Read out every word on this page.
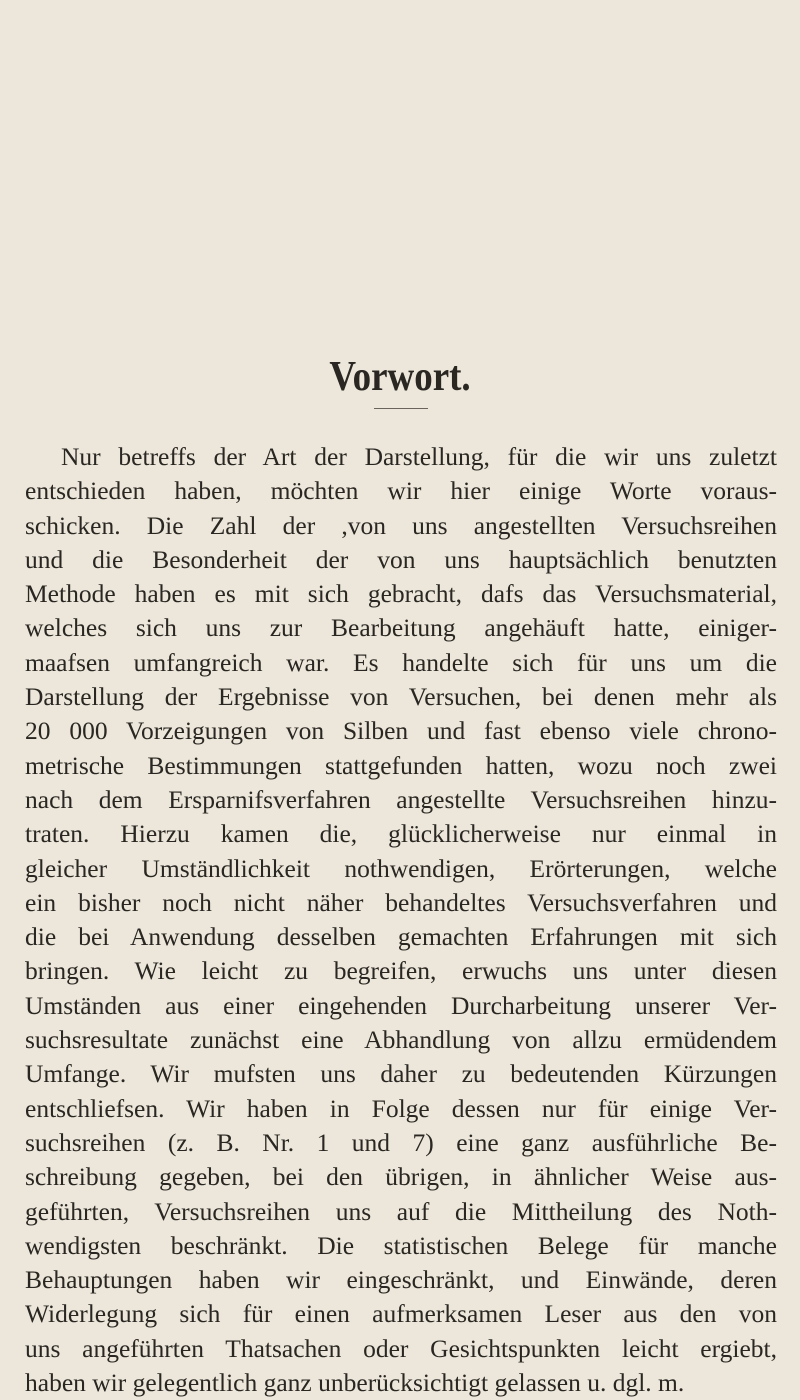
Vorwort.
Nur betreffs der Art der Darstellung, für die wir uns zuletzt
entschieden haben, möchten wir hier einige Worte voraus-
schicken. Die Zahl der ,von uns angestellten Versuchsreihen
und die Besonderheit der von uns hauptsächlich benutzten
Methode haben es mit sich gebracht, dafs das Versuchsmaterial,
welches sich uns zur Bearbeitung angehäuft hatte, einiger-
maafsen umfangreich war. Es handelte sich für uns um die
Darstellung der Ergebnisse von Versuchen, bei denen mehr als
20 000 Vorzeigungen von Silben und fast ebenso viele chrono-
metrische Bestimmungen stattgefunden hatten, wozu noch zwei
nach dem Ersparnifsverfahren angestellte Versuchsreihen hinzu-
traten. Hierzu kamen die, glücklicherweise nur einmal in
gleicher Umständlichkeit nothwendigen, Erörterungen, welche
ein bisher noch nicht näher behandeltes Versuchsverfahren und
die bei Anwendung desselben gemachten Erfahrungen mit sich
bringen. Wie leicht zu begreifen, erwuchs uns unter diesen
Umständen aus einer eingehenden Durcharbeitung unserer Ver-
suchsresultate zunächst eine Abhandlung von allzu ermüdendem
Umfange. Wir mufsten uns daher zu bedeutenden Kürzungen
entschliefsen. Wir haben in Folge dessen nur für einige Ver-
suchsreihen (z. B. Nr. 1 und 7) eine ganz ausführliche Be-
schreibung gegeben, bei den übrigen, in ähnlicher Weise aus-
geführten, Versuchsreihen uns auf die Mittheilung des Noth-
wendigsten beschränkt. Die statistischen Belege für manche
Behauptungen haben wir eingeschränkt, und Einwände, deren
Widerlegung sich für einen aufmerksamen Leser aus den von
uns angeführten Thatsachen oder Gesichtspunkten leicht ergiebt,
haben wir gelegentlich ganz unberücksichtigt gelassen u. dgl. m.
